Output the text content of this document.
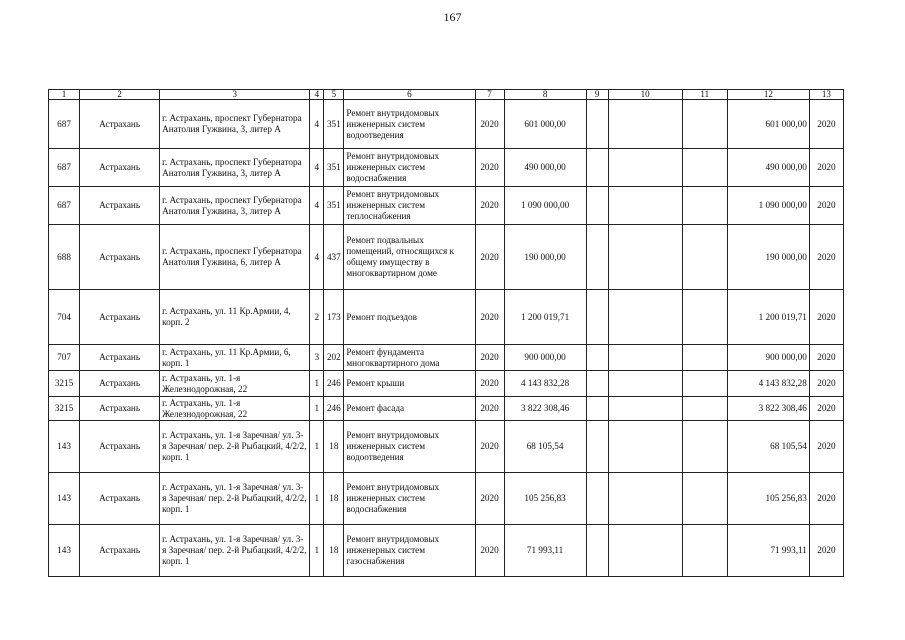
167
1	2	3	4	5	6	7	8	9	10	11	12	13
687	Астрахань	г. Астрахань, проспект Губернатора Анатолия Гужвина, 3, литер А	4	351	Ремонт внутридомовых инженерных систем водоотведения	2020	601 000,00				601 000,00	2020
687	Астрахань	г. Астрахань, проспект Губернатора Анатолия Гужвина, 3, литер А	4	351	Ремонт внутридомовых инженерных систем водоснабжения	2020	490 000,00				490 000,00	2020
687	Астрахань	г. Астрахань, проспект Губернатора Анатолия Гужвина, 3, литер А	4	351	Ремонт внутридомовых инженерных систем теплоснабжения	2020	1 090 000,00				1 090 000,00	2020
688	Астрахань	г. Астрахань, проспект Губернатора Анатолия Гужвина, 6, литер А	4	437	Ремонт подвальных помещений, относящихся к общему имуществу в многоквартирном доме	2020	190 000,00				190 000,00	2020
704	Астрахань	г. Астрахань, ул. 11 Кр.Армии, 4, корп. 2	2	173	Ремонт подъездов	2020	1 200 019,71				1 200 019,71	2020
707	Астрахань	г. Астрахань, ул. 11 Кр.Армии, 6, корп. 1	3	202	Ремонт фундамента многоквартирного дома	2020	900 000,00				900 000,00	2020
3215	Астрахань	г. Астрахань, ул. 1-я Железнодорожная, 22	1	246	Ремонт крыши	2020	4 143 832,28				4 143 832,28	2020
3215	Астрахань	г. Астрахань, ул. 1-я Железнодорожная, 22	1	246	Ремонт фасада	2020	3 822 308,46				3 822 308,46	2020
143	Астрахань	г. Астрахань, ул. 1-я Заречная/ ул. 3-я Заречная/ пер. 2-й Рыбацкий, 4/2/2, корп. 1	1	18	Ремонт внутридомовых инженерных систем водоотведения	2020	68 105,54				68 105,54	2020
143	Астрахань	г. Астрахань, ул. 1-я Заречная/ ул. 3-я Заречная/ пер. 2-й Рыбацкий, 4/2/2, корп. 1	1	18	Ремонт внутридомовых инженерных систем водоснабжения	2020	105 256,83				105 256,83	2020
143	Астрахань	г. Астрахань, ул. 1-я Заречная/ ул. 3-я Заречная/ пер. 2-й Рыбацкий, 4/2/2, корп. 1	1	18	Ремонт внутридомовых инженерных систем газоснабжения	2020	71 993,11				71 993,11	2020
